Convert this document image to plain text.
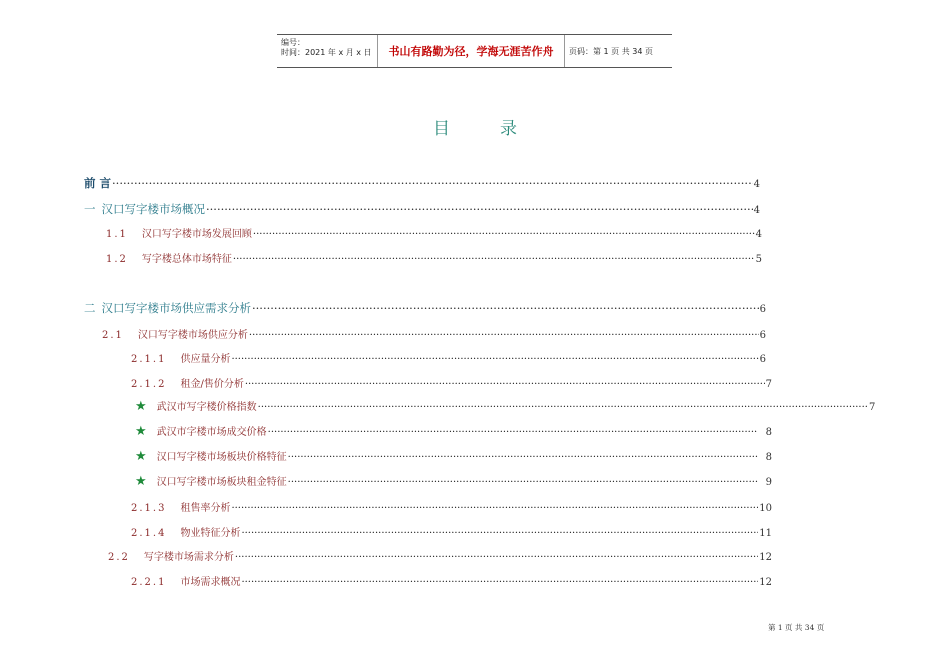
编号：
时间：2021 年 x 月 x 日 书山有路勤为径，学海无涯苦作舟	页码：第 1 页 共 34 页
目录
前 言 ·····	4
一 汉口写字楼市场概况 ·····	4
1.1 汉口写字楼市场发展回顾 ·····	4
1.2 写字楼总体市场特征 ·····	5
二 汉口写字楼市场供应需求分析 ·····	6
2.1 汉口写字楼市场供应分析 ·····	6
2.1.1 供应量分析 ·····	6
2.1.2 租金/售价分析 ·····	7
★ 武汉市写字楼价格指数 ·····	7
★ 武汉市字楼市场成交价格 ·····	8
★ 汉口写字楼市场板块价格特征 ·····	8
★ 汉口写字楼市场板块租金特征 ·····	9
2.1.3 租售率分析 ·····	10
2.1.4 物业特征分析 ·····	11
2.2 写字楼市场需求分析 ·····	12
2.2.1 市场需求概况 ·····	12
第 1 页 共 34 页
